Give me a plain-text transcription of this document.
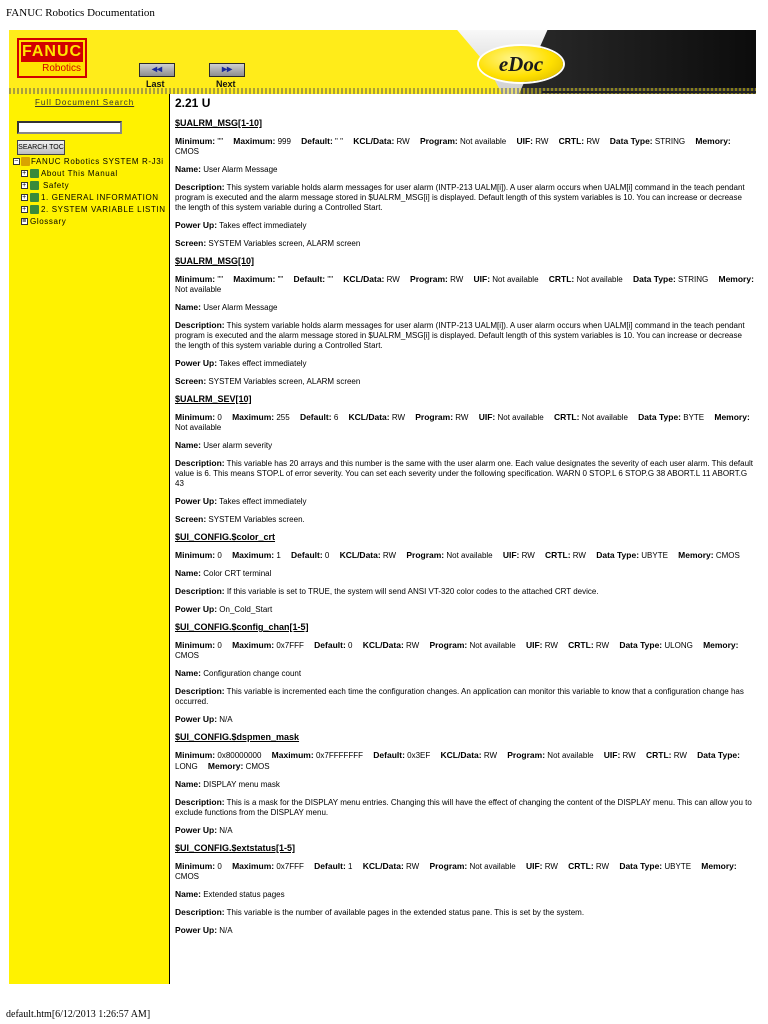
FANUC Robotics Documentation
FANUC
Robotics	◂◂
Last
▸▸
Next
eDoc
Full Document Search
SEARCH TOC
− FANUC Robotics SYSTEM R-J3i
+ About This Manual
+ Safety
+ 1. GENERAL INFORMATION
+ 2. SYSTEM VARIABLE LISTIN
≡ Glossary
2.21 U
$UALRM_MSG[1-10]
Minimum: "" Maximum: 999 Default: " " KCL/Data: RW Program: Not available UIF: RW CRTL: RW Data Type: STRING Memory: CMOS
Name: User Alarm Message
Description: This system variable holds alarm messages for user alarm (INTP-213 UALM[i]). A user alarm occurs when UALM[i] command in the teach pendant program is executed and the alarm message stored in $UALRM_MSG[i] is displayed. Default length of this system variables is 10. You can increase or decrease the length of this system variable during a Controlled Start.
Power Up: Takes effect immediately
Screen: SYSTEM Variables screen, ALARM screen
$UALRM_MSG[10]
Minimum: "" Maximum: "" Default: "" KCL/Data: RW Program: RW UIF: Not available CRTL: Not available Data Type: STRING Memory: Not available
Name: User Alarm Message
Description: This system variable holds alarm messages for user alarm (INTP-213 UALM[i]). A user alarm occurs when UALM[i] command in the teach pendant program is executed and the alarm message stored in $UALRM_MSG[i] is displayed. Default length of this system variables is 10. You can increase or decrease the length of this system variable during a Controlled Start.
Power Up: Takes effect immediately
Screen: SYSTEM Variables screen, ALARM screen
$UALRM_SEV[10]
Minimum: 0 Maximum: 255 Default: 6 KCL/Data: RW Program: RW UIF: Not available CRTL: Not available Data Type: BYTE Memory: Not available
Name: User alarm severity
Description: This variable has 20 arrays and this number is the same with the user alarm one. Each value designates the severity of each user alarm. This default value is 6. This means STOP.L of error severity. You can set each severity under the following specification. WARN 0 STOP.L 6 STOP.G 38 ABORT.L 11 ABORT.G 43
Power Up: Takes effect immediately
Screen: SYSTEM Variables screen.
$UI_CONFIG.$color_crt
Minimum: 0 Maximum: 1 Default: 0 KCL/Data: RW Program: Not available UIF: RW CRTL: RW Data Type: UBYTE Memory: CMOS
Name: Color CRT terminal
Description: If this variable is set to TRUE, the system will send ANSI VT-320 color codes to the attached CRT device.
Power Up: On_Cold_Start
$UI_CONFIG.$config_chan[1-5]
Minimum: 0 Maximum: 0x7FFF Default: 0 KCL/Data: RW Program: Not available UIF: RW CRTL: RW Data Type: ULONG Memory: CMOS
Name: Configuration change count
Description: This variable is incremented each time the configuration changes. An application can monitor this variable to know that a configuration change has occurred.
Power Up: N/A
$UI_CONFIG.$dspmen_mask
Minimum: 0x80000000 Maximum: 0x7FFFFFFF Default: 0x3EF KCL/Data: RW Program: Not available UIF: RW CRTL: RW Data Type: LONG Memory: CMOS
Name: DISPLAY menu mask
Description: This is a mask for the DISPLAY menu entries. Changing this will have the effect of changing the content of the DISPLAY menu. This can allow you to exclude functions from the DISPLAY menu.
Power Up: N/A
$UI_CONFIG.$extstatus[1-5]
Minimum: 0 Maximum: 0x7FFF Default: 1 KCL/Data: RW Program: Not available UIF: RW CRTL: RW Data Type: UBYTE Memory: CMOS
Name: Extended status pages
Description: This variable is the number of available pages in the extended status pane. This is set by the system.
Power Up: N/A
default.htm[6/12/2013 1:26:57 AM]
